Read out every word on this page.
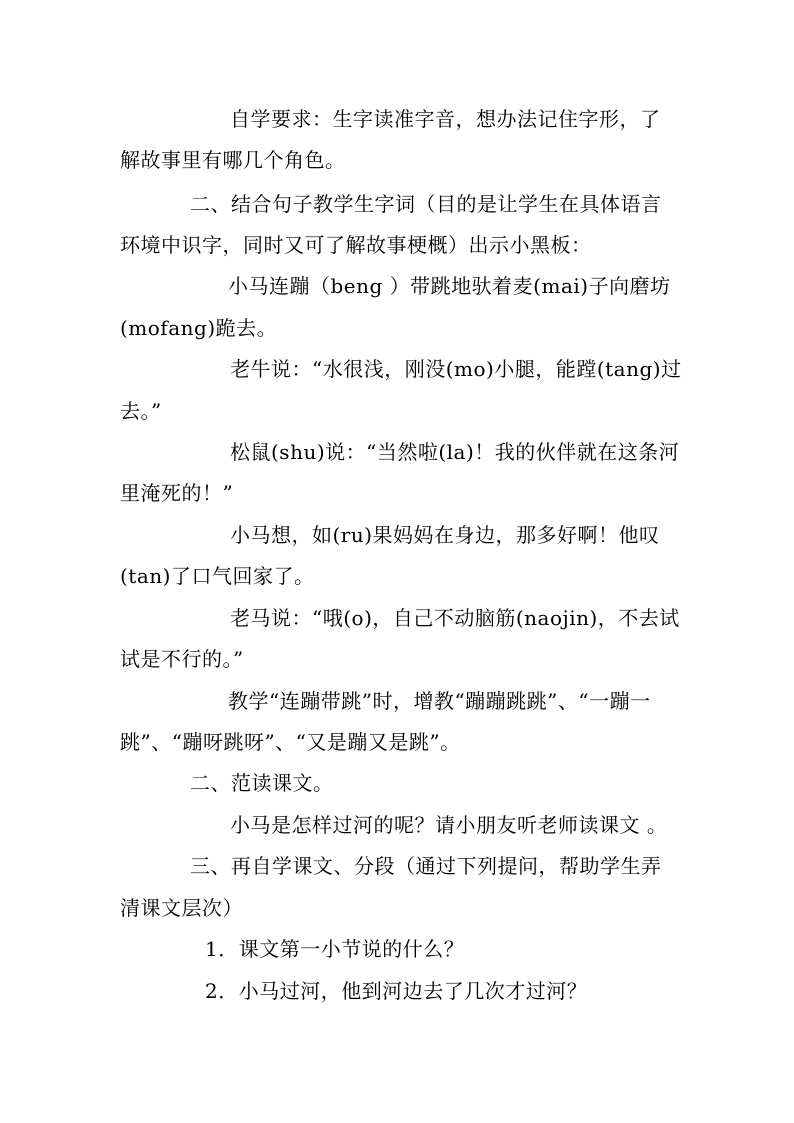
自学要求：生字读准字音，想办法记住字形，了
解故事里有哪几个角色。
二、结合句子教学生字词（目的是让学生在具体语言
环境中识字，同时又可了解故事梗概）出示小黑板：
小马连蹦（beng ）带跳地驮着麦(mai)子向磨坊
(mofang)跪去。
老牛说：“水很浅，刚没(mo)小腿，能蹚(tang)过
去。”
松鼠(shu)说：“当然啦(la)！我的伙伴就在这条河
里淹死的！”
小马想，如(ru)果妈妈在身边，那多好啊！他叹
(tan)了口气回家了。
老马说：“哦(o)，自己不动脑筋(naojin)，不去试
试是不行的。”
教学“连蹦带跳”时，增教“蹦蹦跳跳”、“一蹦一
跳”、“蹦呀跳呀”、“又是蹦又是跳”。
二、范读课文。
小马是怎样过河的呢？请小朋友听老师读课文 。
三、再自学课文、分段（通过下列提问，帮助学生弄
清课文层次）
1．课文第一小节说的什么？
2．小马过河，他到河边去了几次才过河？
